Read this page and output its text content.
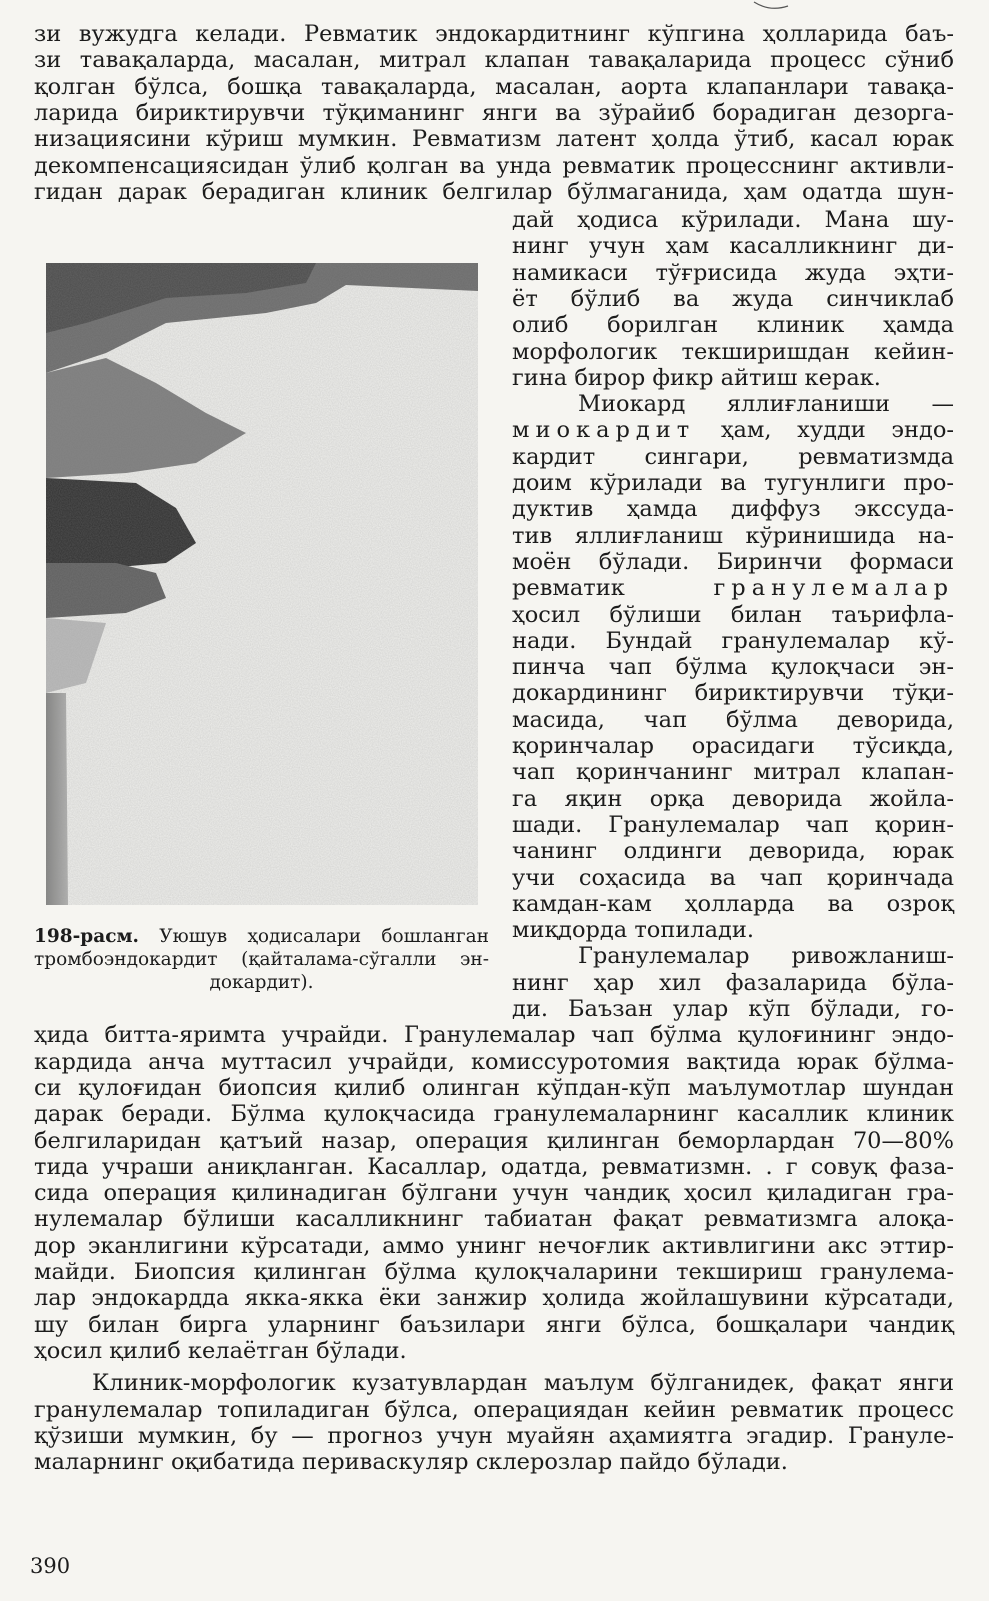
зи вужудга келади. Ревматик эндокардитнинг кўпгина ҳолларида баъ-
зи тавақаларда, масалан, митрал клапан тавақаларида процесс сўниб
қолган бўлса, бошқа тавақаларда, масалан, аорта клапанлари тавақа-
ларида бириктирувчи тўқиманинг янги ва зўрайиб борадиган дезорга-
низациясини кўриш мумкин. Ревматизм латент ҳолда ўтиб, касал юрак
декомпенсациясидан ўлиб қолган ва унда ревматик процесснинг активли-
гидан дарак берадиган клиник белгилар бўлмаганида, ҳам одатда шун-
дай ҳодиса кўрилади. Мана шу-
нинг учун ҳам касалликнинг ди-
намикаси тўғрисида жуда эҳти-
ёт бўлиб ва жуда синчиклаб
олиб борилган клиник ҳамда
морфологик текширишдан кейин-
гина бирор фикр айтиш керак.
Миокард яллиғланиши —
миокардит ҳам, худди эндо-
кардит сингари, ревматизмда
доим кўрилади ва тугунлиги про-
дуктив ҳамда диффуз экссуда-
тив яллиғланиш кўринишида на-
моён бўлади. Биринчи формаси
ревматик	гранулемалар
ҳосил бўлиши билан таърифла-
нади. Бундай гранулемалар кў-
пинча чап бўлма қулоқчаси эн-
докардининг бириктирувчи тўқи-
масида, чап бўлма деворида,
қоринчалар орасидаги тўсиқда,
чап қоринчанинг митрал клапан-
га яқин орқа деворида жойла-
шади. Гранулемалар чап қорин-
чанинг олдинги деворида, юрак
учи соҳасида ва чап қоринчада
камдан-кам ҳолларда ва озроқ
миқдорда топилади.
Гранулемалар ривожланиш-
нинг ҳар хил фазаларида бўла-
ди. Баъзан улар кўп бўлади, го-
198-расм. Уюшув ҳодисалари бошланган
тромбоэндокардит (қайталама-сўгалли эн-
докардит).
ҳида битта-яримта учрайди. Гранулемалар чап бўлма қулоғининг эндо-
кардида анча муттасил учрайди, комиссуротомия вақтида юрак бўлма-
си қулоғидан биопсия қилиб олинган кўпдан-кўп маълумотлар шундан
дарак беради. Бўлма қулоқчасида гранулемаларнинг касаллик клиник
белгиларидан қатъий назар, операция қилинган беморлардан 70—80%
тида учраши аниқланган. Касаллар, одатда, ревматизмн. . г совуқ фаза-
сида операция қилинадиган бўлгани учун чандиқ ҳосил қиладиган гра-
нулемалар бўлиши касалликнинг табиатан фақат ревматизмга алоқа-
дор эканлигини кўрсатади, аммо унинг нечоғлик активлигини акс эттир-
майди. Биопсия қилинган бўлма қулоқчаларини текшириш гранулема-
лар эндокардда якка-якка ёки занжир ҳолида жойлашувини кўрсатади,
шу билан бирга уларнинг баъзилари янги бўлса, бошқалари чандиқ
ҳосил қилиб келаётган бўлади.
Клиник-морфологик кузатувлардан маълум бўлганидек, фақат янги
гранулемалар топиладиган бўлса, операциядан кейин ревматик процесс
қўзиши мумкин, бу — прогноз учун муайян аҳамиятга эгадир. Грануле-
маларнинг оқибатида периваскуляр склерозлар пайдо бўлади.
390
